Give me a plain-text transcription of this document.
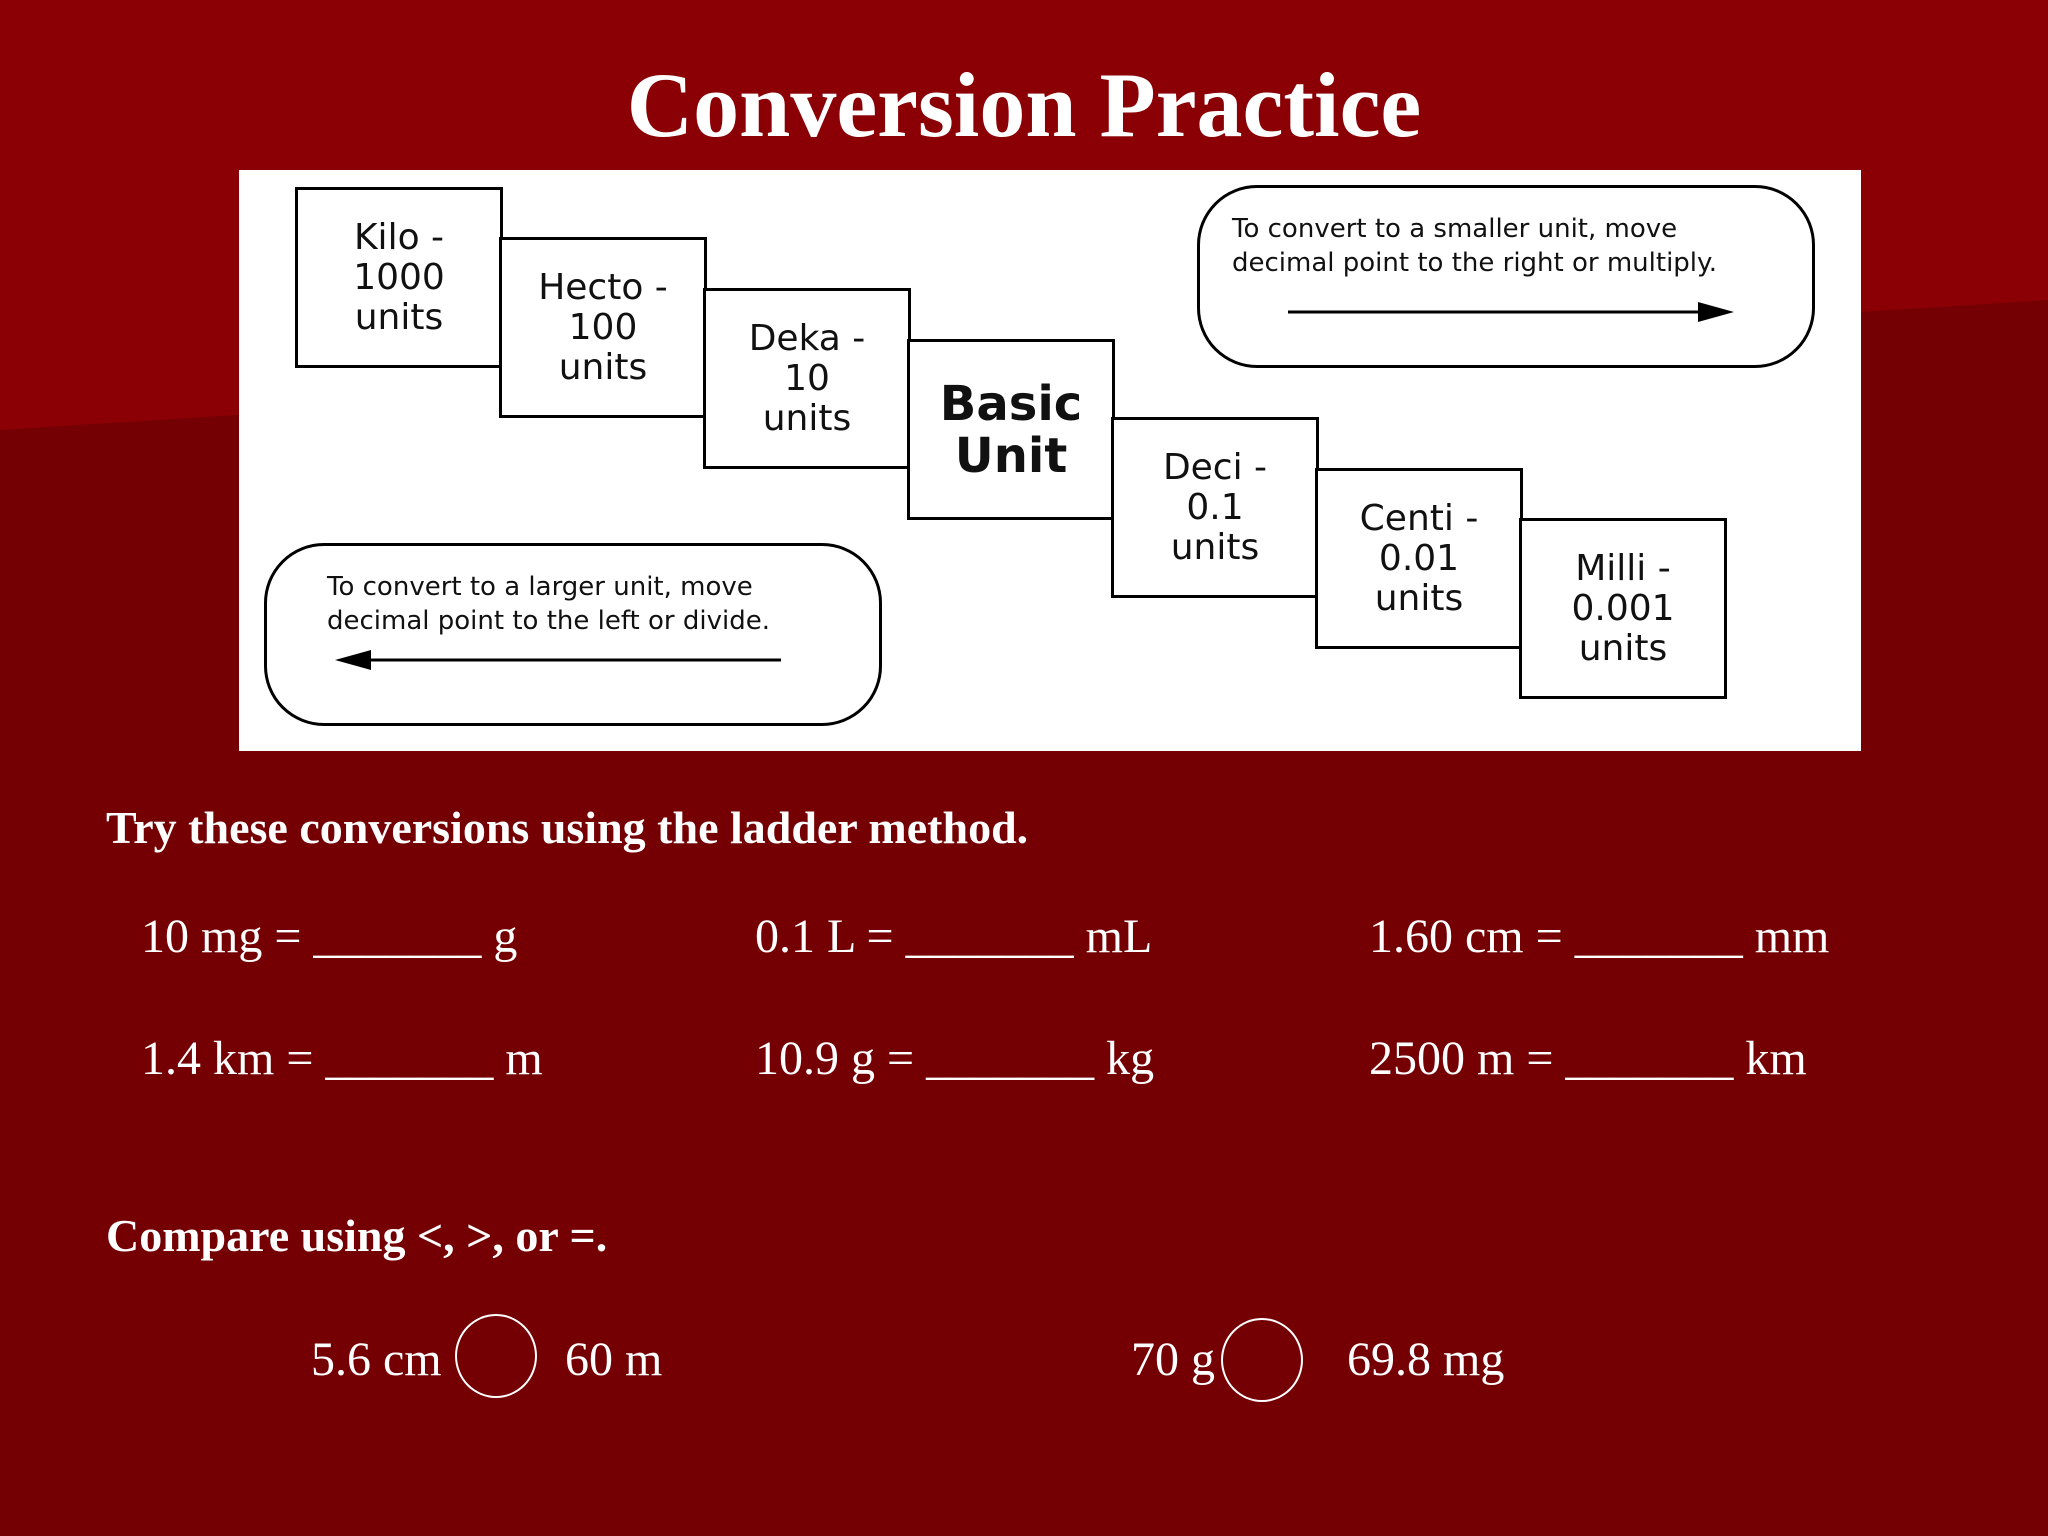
Conversion Practice
Kilo -
1000
units
Hecto -
100
units
Deka -
10
units Basic
Unit	Deci -
0.1
units
Centi -
0.01
units
Milli -
0.001
units
To convert to a smaller unit, move
decimal point to the right or multiply.
To convert to a larger unit, move
decimal point to the left or divide.
Try these conversions using the ladder method.
10 mg = _______ g	0.1 L = _______ mL	1.60 cm = _______ mm
1.4 km = _______ m	10.9 g = _______ kg	2500 m = _______ km
Compare using <, >, or =.
5.6 cm	60 m	70 g	69.8 mg
